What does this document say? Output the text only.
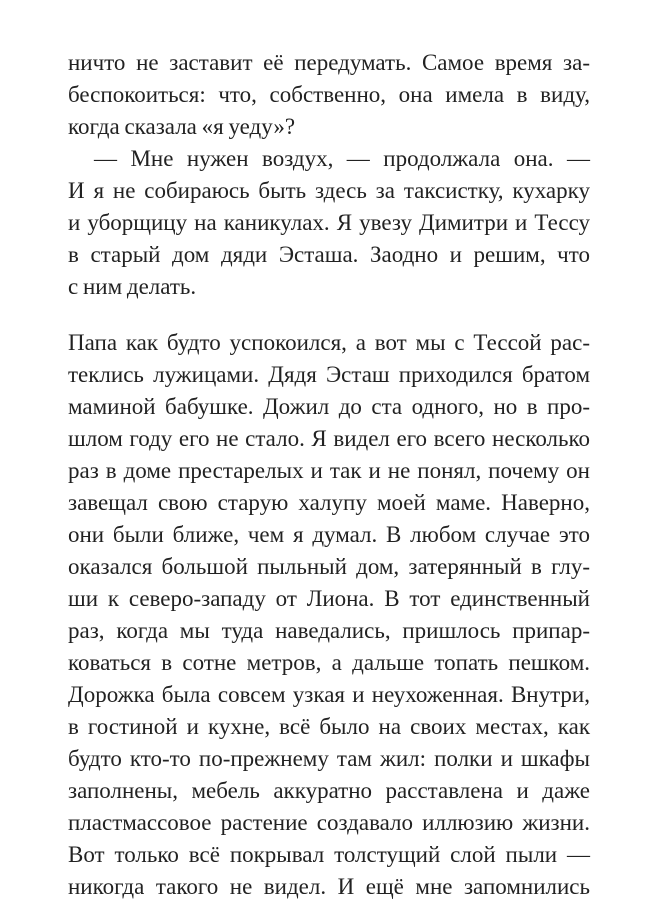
ничто не заставит её передумать. Самое время за-
беспокоиться: что, собственно, она имела в виду,
когда сказала «я уеду»?
— Мне нужен воздух, — продолжала она. —
И я не собираюсь быть здесь за таксистку, кухарку
и уборщицу на каникулах. Я увезу Димитри и Тессу
в старый дом дяди Эсташа. Заодно и решим, что
с ним делать.
Папа как будто успокоился, а вот мы с Тессой рас-
теклись лужицами. Дядя Эсташ приходился братом
маминой бабушке. Дожил до ста одного, но в про-
шлом году его не стало. Я видел его всего несколько
раз в доме престарелых и так и не понял, почему он
завещал свою старую халупу моей маме. Наверно,
они были ближе, чем я думал. В любом случае это
оказался большой пыльный дом, затерянный в глу-
ши к северо-западу от Лиона. В тот единственный
раз, когда мы туда наведались, пришлось припар-
коваться в сотне метров, а дальше топать пешком.
Дорожка была совсем узкая и неухоженная. Внутри,
в гостиной и кухне, всё было на своих местах, как
будто кто-то по-прежнему там жил: полки и шкафы
заполнены, мебель аккуратно расставлена и даже
пластмассовое растение создавало иллюзию жизни.
Вот только всё покрывал толстущий слой пыли —
никогда такого не видел. И ещё мне запомнились
